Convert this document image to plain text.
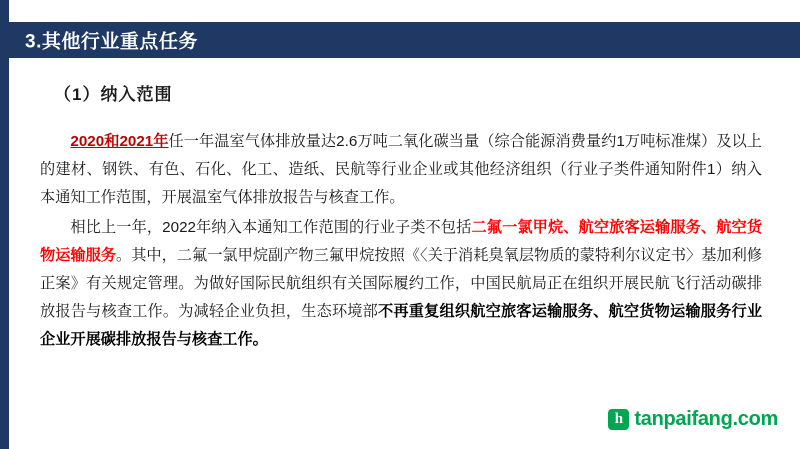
3.其他行业重点任务
（1）纳入范围

2020和2021年任一年温室气体排放量达2.6万吨二氧化碳当量（综合能源消费量约1万吨标准煤）及以上的建材、钢铁、有色、石化、化工、造纸、民航等行业企业或其他经济组织（行业子类件通知附件1）纳入本通知工作范围，开展温室气体排放报告与核查工作。

相比上一年，2022年纳入本通知工作范围的行业子类不包括二氟一氯甲烷、航空旅客运输服务、航空货物运输服务。其中，二氟一氯甲烷副产物三氟甲烷按照《〈关于消耗臭氧层物质的蒙特利尔议定书〉基加利修正案》有关规定管理。为做好国际民航组织有关国际履约工作，中国民航局正在组织开展民航飞行活动碳排放报告与核查工作。为减轻企业负担，生态环境部不再重复组织航空旅客运输服务、航空货物运输服务行业企业开展碳排放报告与核查工作。

h tanpaifang.com
